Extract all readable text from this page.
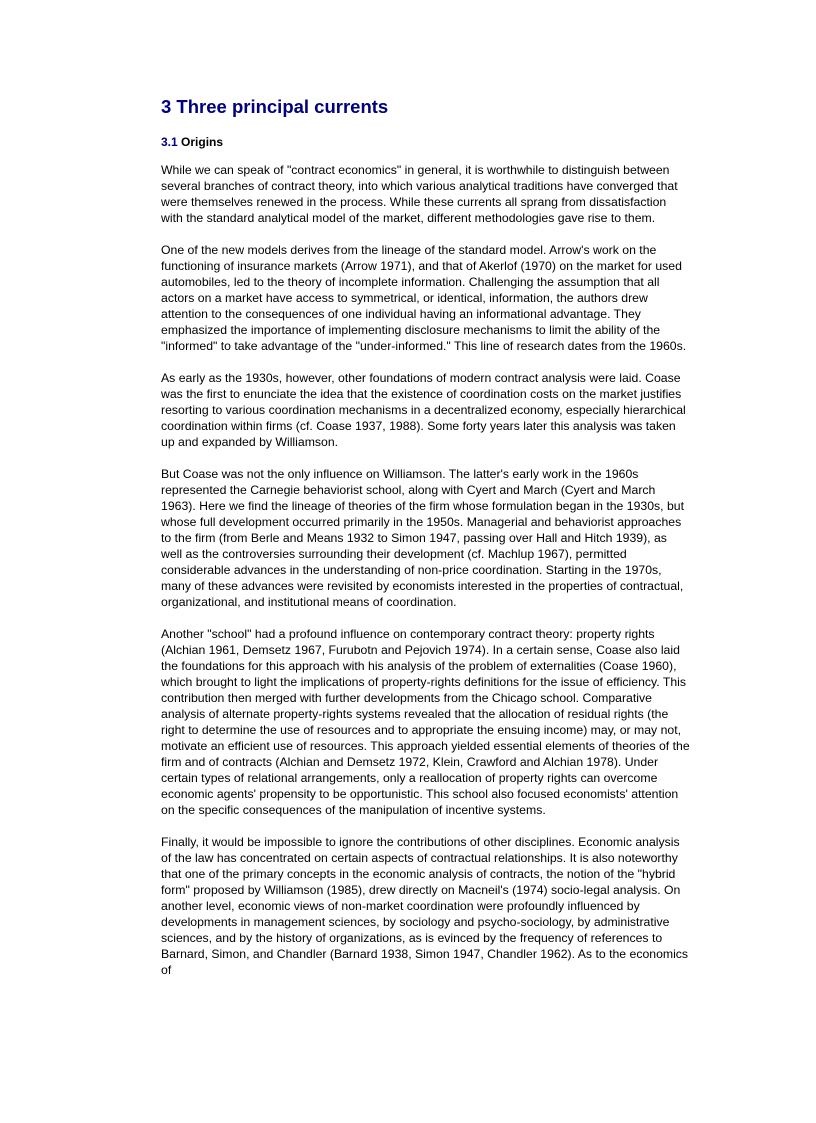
3 Three principal currents
3.1 Origins

While we can speak of "contract economics" in general, it is worthwhile to distinguish between several branches of contract theory, into which various analytical traditions have converged that were themselves renewed in the process. While these currents all sprang from dissatisfaction with the standard analytical model of the market, different methodologies gave rise to them.

One of the new models derives from the lineage of the standard model. Arrow's work on the functioning of insurance markets (Arrow 1971), and that of Akerlof (1970) on the market for used automobiles, led to the theory of incomplete information. Challenging the assumption that all actors on a market have access to symmetrical, or identical, information, the authors drew attention to the consequences of one individual having an informational advantage. They emphasized the importance of implementing disclosure mechanisms to limit the ability of the "informed" to take advantage of the "under-informed." This line of research dates from the 1960s.

As early as the 1930s, however, other foundations of modern contract analysis were laid. Coase was the first to enunciate the idea that the existence of coordination costs on the market justifies resorting to various coordination mechanisms in a decentralized economy, especially hierarchical coordination within firms (cf. Coase 1937, 1988). Some forty years later this analysis was taken up and expanded by Williamson.

But Coase was not the only influence on Williamson. The latter's early work in the 1960s represented the Carnegie behaviorist school, along with Cyert and March (Cyert and March 1963). Here we find the lineage of theories of the firm whose formulation began in the 1930s, but whose full development occurred primarily in the 1950s. Managerial and behaviorist approaches to the firm (from Berle and Means 1932 to Simon 1947, passing over Hall and Hitch 1939), as well as the controversies surrounding their development (cf. Machlup 1967), permitted considerable advances in the understanding of non-price coordination. Starting in the 1970s, many of these advances were revisited by economists interested in the properties of contractual, organizational, and institutional means of coordination.

Another "school" had a profound influence on contemporary contract theory: property rights (Alchian 1961, Demsetz 1967, Furubotn and Pejovich 1974). In a certain sense, Coase also laid the foundations for this approach with his analysis of the problem of externalities (Coase 1960), which brought to light the implications of property-rights definitions for the issue of efficiency. This contribution then merged with further developments from the Chicago school. Comparative analysis of alternate property-rights systems revealed that the allocation of residual rights (the right to determine the use of resources and to appropriate the ensuing income) may, or may not, motivate an efficient use of resources. This approach yielded essential elements of theories of the firm and of contracts (Alchian and Demsetz 1972, Klein, Crawford and Alchian 1978). Under certain types of relational arrangements, only a reallocation of property rights can overcome economic agents' propensity to be opportunistic. This school also focused economists' attention on the specific consequences of the manipulation of incentive systems.

Finally, it would be impossible to ignore the contributions of other disciplines. Economic analysis of the law has concentrated on certain aspects of contractual relationships. It is also noteworthy that one of the primary concepts in the economic analysis of contracts, the notion of the "hybrid form" proposed by Williamson (1985), drew directly on Macneil's (1974) socio-legal analysis. On another level, economic views of non-market coordination were profoundly influenced by developments in management sciences, by sociology and psycho-sociology, by administrative sciences, and by the history of organizations, as is evinced by the frequency of references to Barnard, Simon, and Chandler (Barnard 1938, Simon 1947, Chandler 1962). As to the economics of
